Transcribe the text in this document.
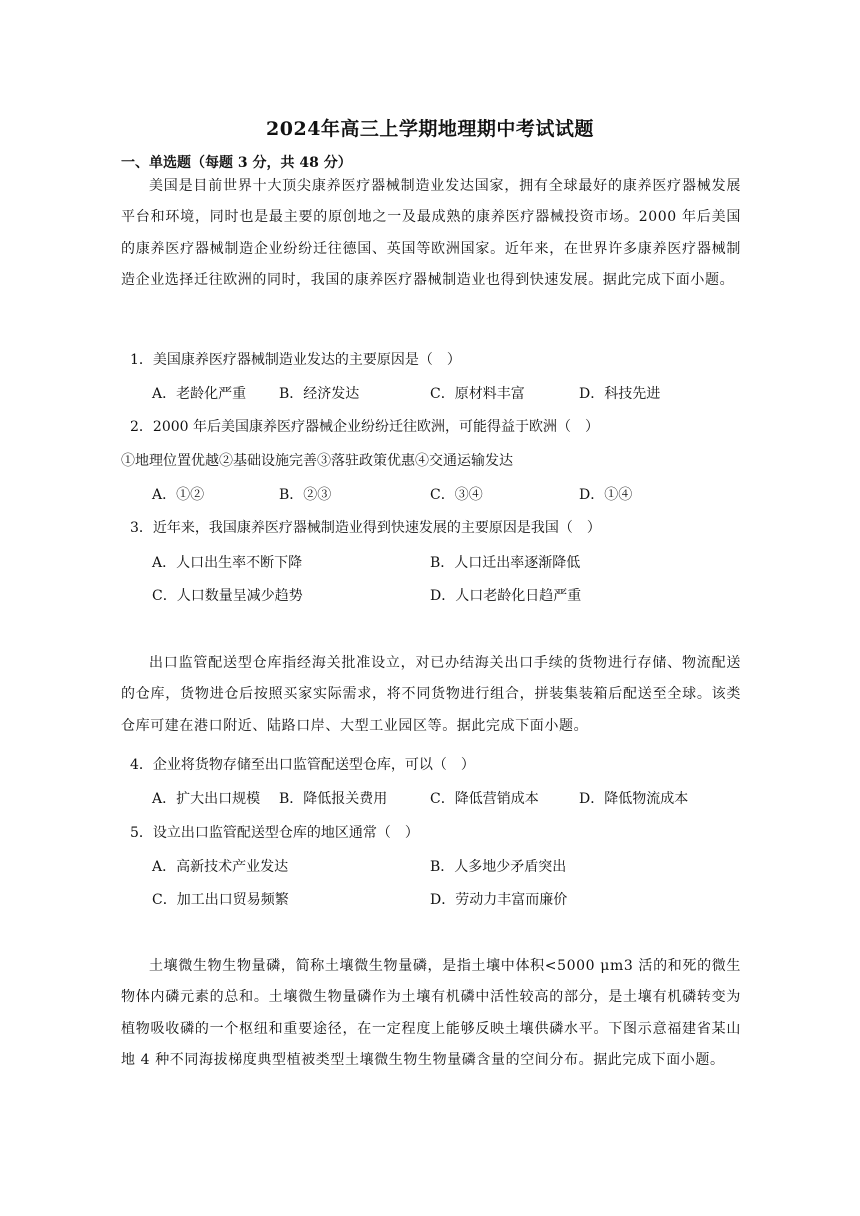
2024年高三上学期地理期中考试试题
一、单选题（每题 3 分，共 48 分）

美国是目前世界十大顶尖康养医疗器械制造业发达国家，拥有全球最好的康养医疗器械发展平台和环境，同时也是最主要的原创地之一及最成熟的康养医疗器械投资市场。2000 年后美国的康养医疗器械制造企业纷纷迁往德国、英国等欧洲国家。近年来，在世界许多康养医疗器械制造企业选择迁往欧洲的同时，我国的康养医疗器械制造业也得到快速发展。据此完成下面小题。

1．美国康养医疗器械制造业发达的主要原因是（　）
A．老龄化严重 B．经济发达	C．原材料丰富	D．科技先进
2．2000 年后美国康养医疗器械企业纷纷迁往欧洲，可能得益于欧洲（　）
①地理位置优越②基础设施完善③落驻政策优惠④交通运输发达
A．①②	B．②③	C．③④	D．①④
3．近年来，我国康养医疗器械制造业得到快速发展的主要原因是我国（　）
A．人口出生率不断下降	B．人口迁出率逐渐降低
C．人口数量呈减少趋势	D．人口老龄化日趋严重

出口监管配送型仓库指经海关批准设立，对已办结海关出口手续的货物进行存储、物流配送的仓库，货物进仓后按照买家实际需求，将不同货物进行组合，拼装集装箱后配送至全球。该类仓库可建在港口附近、陆路口岸、大型工业园区等。据此完成下面小题。

4．企业将货物存储至出口监管配送型仓库，可以（　）
A．扩大出口规模 B．降低报关费用	C．降低营销成本	D．降低物流成本
5．设立出口监管配送型仓库的地区通常（　）
A．高新技术产业发达	B．人多地少矛盾突出
C．加工出口贸易频繁	D．劳动力丰富而廉价

土壤微生物生物量磷，简称土壤微生物量磷，是指土壤中体积<5000 μm3 活的和死的微生物体内磷元素的总和。土壤微生物量磷作为土壤有机磷中活性较高的部分，是土壤有机磷转变为植物吸收磷的一个枢纽和重要途径，在一定程度上能够反映土壤供磷水平。下图示意福建省某山地 4 种不同海拔梯度典型植被类型土壤微生物生物量磷含量的空间分布。据此完成下面小题。
